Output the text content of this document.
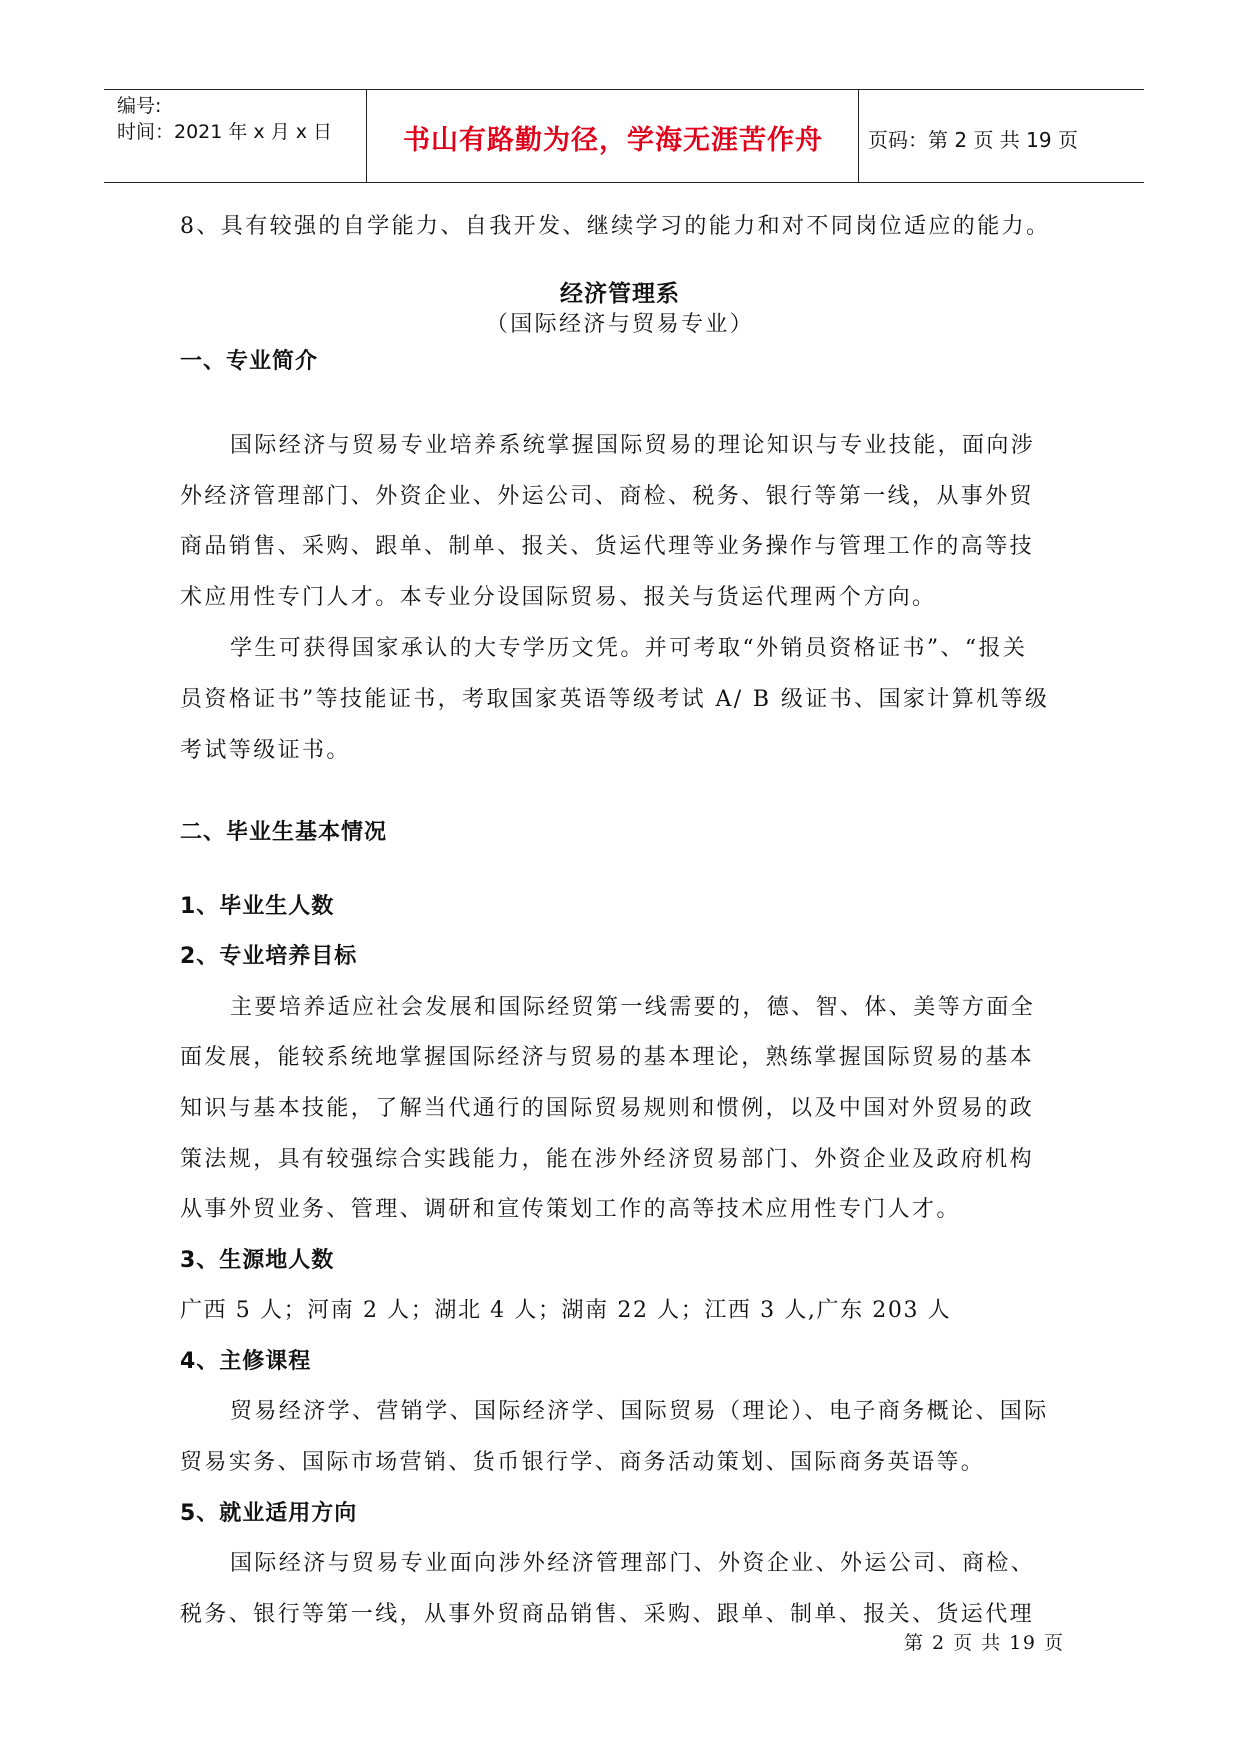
编号:
时间：2021 年 x 月 x 日	书山有路勤为径，学海无涯苦作舟	页码：第 2 页 共 19 页
8、具有较强的自学能力、自我开发、继续学习的能力和对不同岗位适应的能力。
经济管理系
（国际经济与贸易专业）
一、专业简介
国际经济与贸易专业培养系统掌握国际贸易的理论知识与专业技能，面向涉
外经济管理部门、外资企业、外运公司、商检、税务、银行等第一线，从事外贸
商品销售、采购、跟单、制单、报关、货运代理等业务操作与管理工作的高等技
术应用性专门人才。本专业分设国际贸易、报关与货运代理两个方向。
学生可获得国家承认的大专学历文凭。并可考取“外销员资格证书”、“报关
员资格证书”等技能证书，考取国家英语等级考试 A/ B 级证书、国家计算机等级
考试等级证书。
二、毕业生基本情况
1、毕业生人数
2、专业培养目标
主要培养适应社会发展和国际经贸第一线需要的，德、智、体、美等方面全
面发展，能较系统地掌握国际经济与贸易的基本理论，熟练掌握国际贸易的基本
知识与基本技能，了解当代通行的国际贸易规则和惯例，以及中国对外贸易的政
策法规，具有较强综合实践能力，能在涉外经济贸易部门、外资企业及政府机构
从事外贸业务、管理、调研和宣传策划工作的高等技术应用性专门人才。
3、生源地人数
广西 5 人；河南 2 人；湖北 4 人；湖南 22 人；江西 3 人,广东 203 人
4、主修课程
贸易经济学、营销学、国际经济学、国际贸易（理论）、电子商务概论、国际
贸易实务、国际市场营销、货币银行学、商务活动策划、国际商务英语等。
5、就业适用方向
国际经济与贸易专业面向涉外经济管理部门、外资企业、外运公司、商检、
税务、银行等第一线，从事外贸商品销售、采购、跟单、制单、报关、货运代理
第 2 页 共 19 页
